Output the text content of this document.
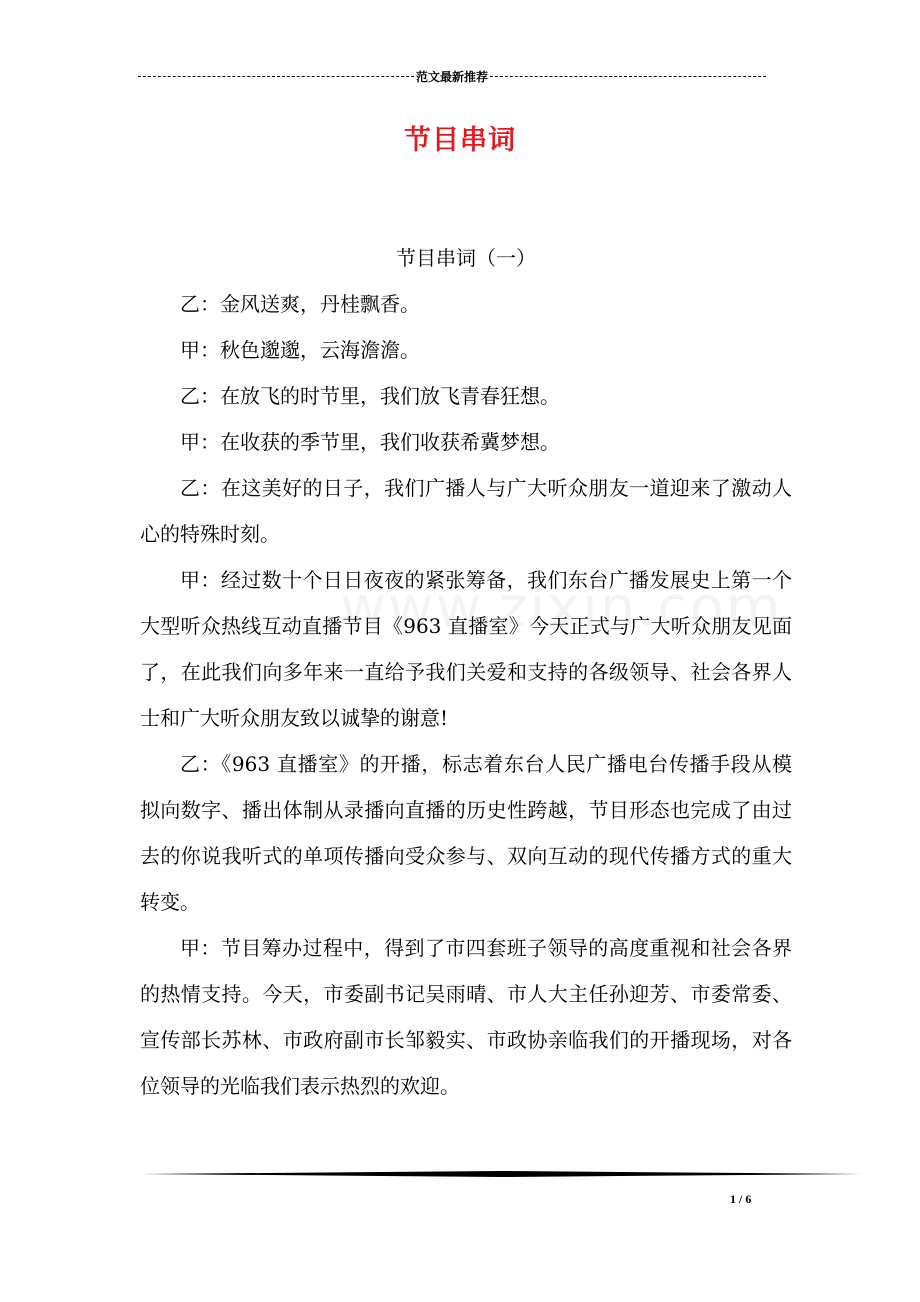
范文最新推荐
节目串词

节目串词（一）

乙：金风送爽，丹桂飘香。

甲：秋色邈邈，云海澹澹。

乙：在放飞的时节里，我们放飞青春狂想。

甲：在收获的季节里，我们收获希冀梦想。

乙：在这美好的日子，我们广播人与广大听众朋友一道迎来了激动人心的特殊时刻。

甲：经过数十个日日夜夜的紧张筹备，我们东台广播发展史上第一个大型听众热线互动直播节目《963 直播室》今天正式与广大听众朋友见面了，在此我们向多年来一直给予我们关爱和支持的各级领导、社会各界人士和广大听众朋友致以诚挚的谢意!

乙：《963 直播室》的开播，标志着东台人民广播电台传播手段从模拟向数字、播出体制从录播向直播的历史性跨越，节目形态也完成了由过去的你说我听式的单项传播向受众参与、双向互动的现代传播方式的重大转变。

甲：节目筹办过程中，得到了市四套班子领导的高度重视和社会各界的热情支持。今天，市委副书记吴雨晴、市人大主任孙迎芳、市委常委、宣传部长苏林、市政府副市长邹毅实、市政协亲临我们的开播现场，对各位领导的光临我们表示热烈的欢迎。

1 / 6
